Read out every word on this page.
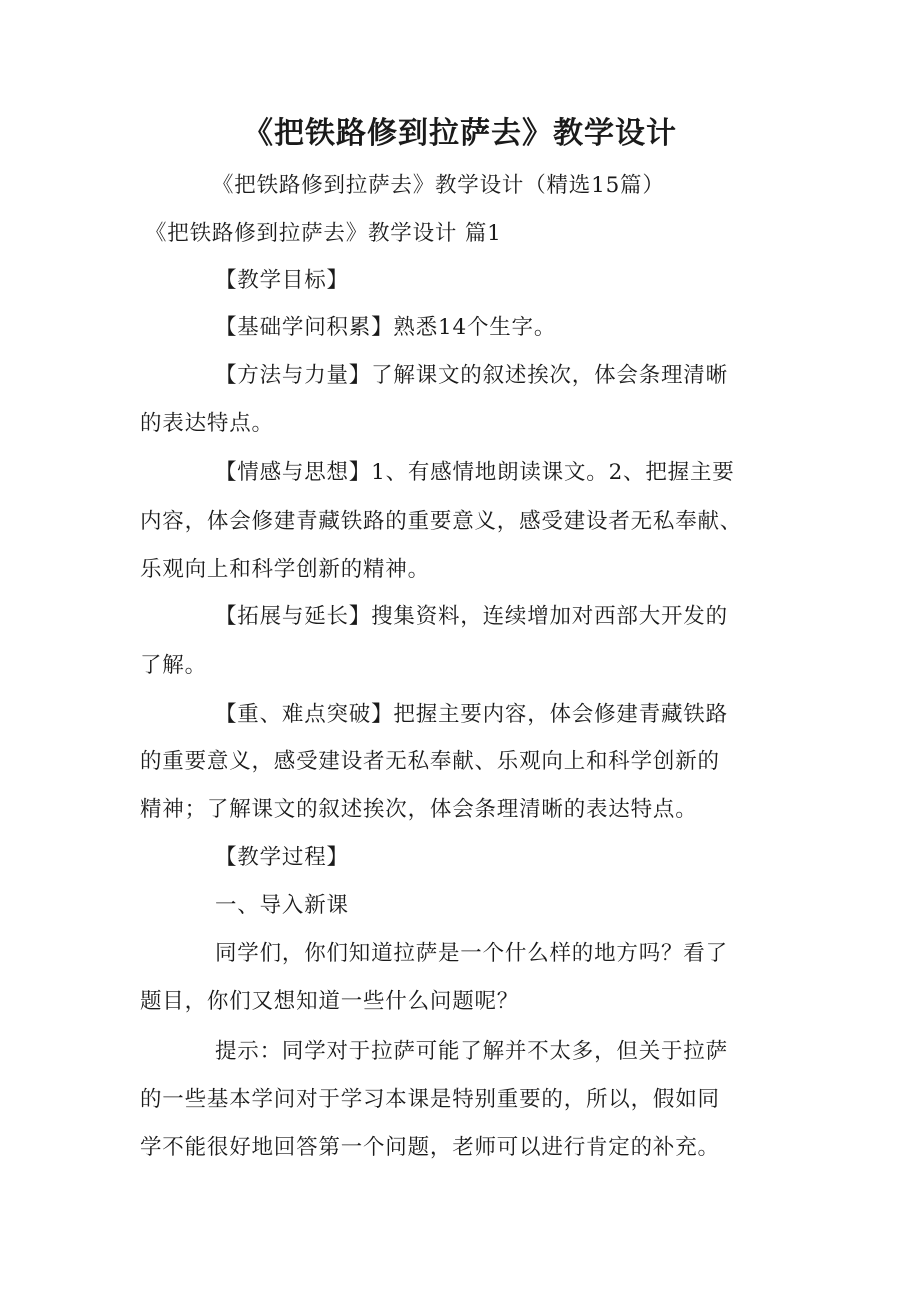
《把铁路修到拉萨去》教学设计
《把铁路修到拉萨去》教学设计（精选15篇）
《把铁路修到拉萨去》教学设计 篇1
【教学目标】
【基础学问积累】熟悉14个生字。
【方法与力量】了解课文的叙述挨次，体会条理清晰
的表达特点。
【情感与思想】1、有感情地朗读课文。2、把握主要
内容，体会修建青藏铁路的重要意义，感受建设者无私奉献、
乐观向上和科学创新的精神。
【拓展与延长】搜集资料，连续增加对西部大开发的
了解。
【重、难点突破】把握主要内容，体会修建青藏铁路
的重要意义，感受建设者无私奉献、乐观向上和科学创新的
精神；了解课文的叙述挨次，体会条理清晰的表达特点。
【教学过程】
一、导入新课
同学们，你们知道拉萨是一个什么样的地方吗？看了
题目，你们又想知道一些什么问题呢？
提示：同学对于拉萨可能了解并不太多，但关于拉萨
的一些基本学问对于学习本课是特别重要的，所以，假如同
学不能很好地回答第一个问题，老师可以进行肯定的补充。
